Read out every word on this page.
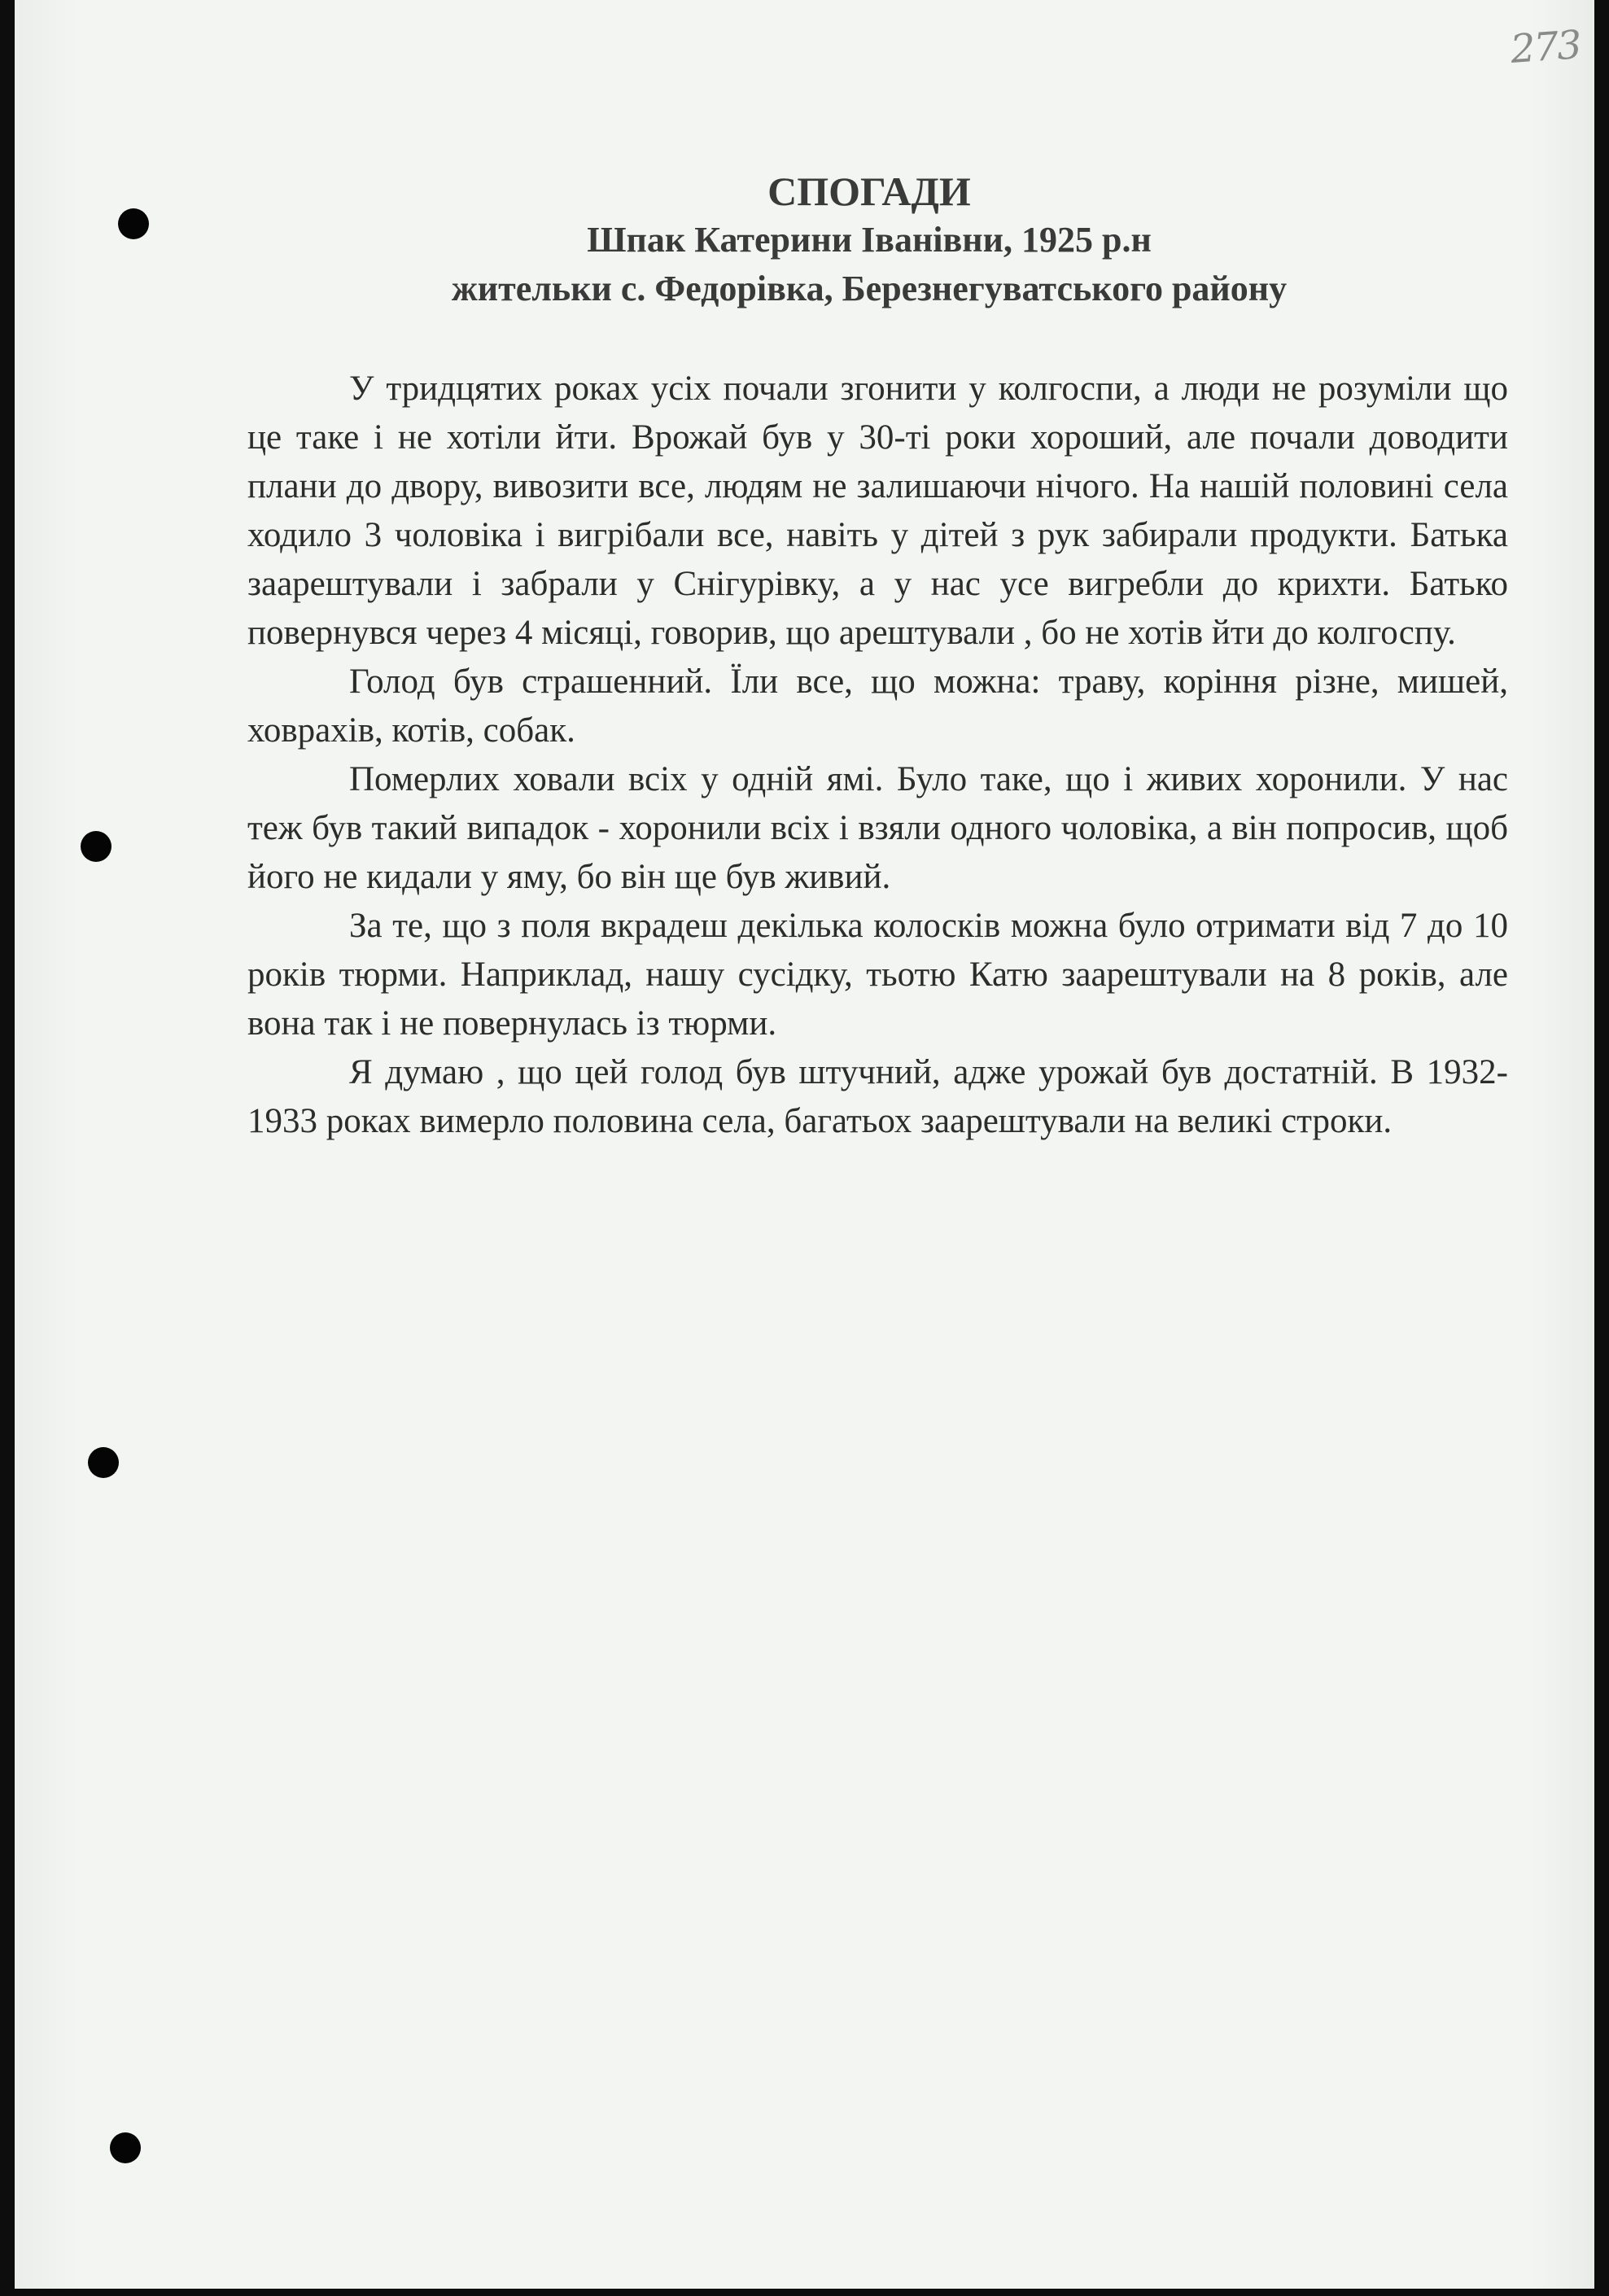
273
СПОГАДИ
Шпак Катерини Іванівни, 1925 р.н
жительки с. Федорівка, Березнегуватського району

У тридцятих роках усіх почали згонити у колгоспи, а люди не розуміли що це таке і не хотіли йти. Врожай був у 30-ті роки хороший, але почали доводити плани до двору, вивозити все, людям не залишаючи нічого. На нашій половині села ходило 3 чоловіка і вигрібали все, навіть у дітей з рук забирали продукти. Батька заарештували і забрали у Снігурівку, а у нас усе вигребли до крихти. Батько повернувся через 4 місяці, говорив, що арештували , бо не хотів йти до колгоспу.

Голод був страшенний. Їли все, що можна: траву, коріння різне, мишей, ховрахів, котів, собак.

Померлих ховали всіх у одній ямі. Було таке, що і живих хоронили. У нас теж був такий випадок - хоронили всіх і взяли одного чоловіка, а він попросив, щоб його не кидали у яму, бо він ще був живий.

За те, що з поля вкрадеш декілька колосків можна було отримати від 7 до 10 років тюрми. Наприклад, нашу сусідку, тьотю Катю заарештували на 8 років, але вона так і не повернулась із тюрми.

Я думаю , що цей голод був штучний, адже урожай був достатній. В 1932-1933 роках вимерло половина села, багатьох заарештували на великі строки.
